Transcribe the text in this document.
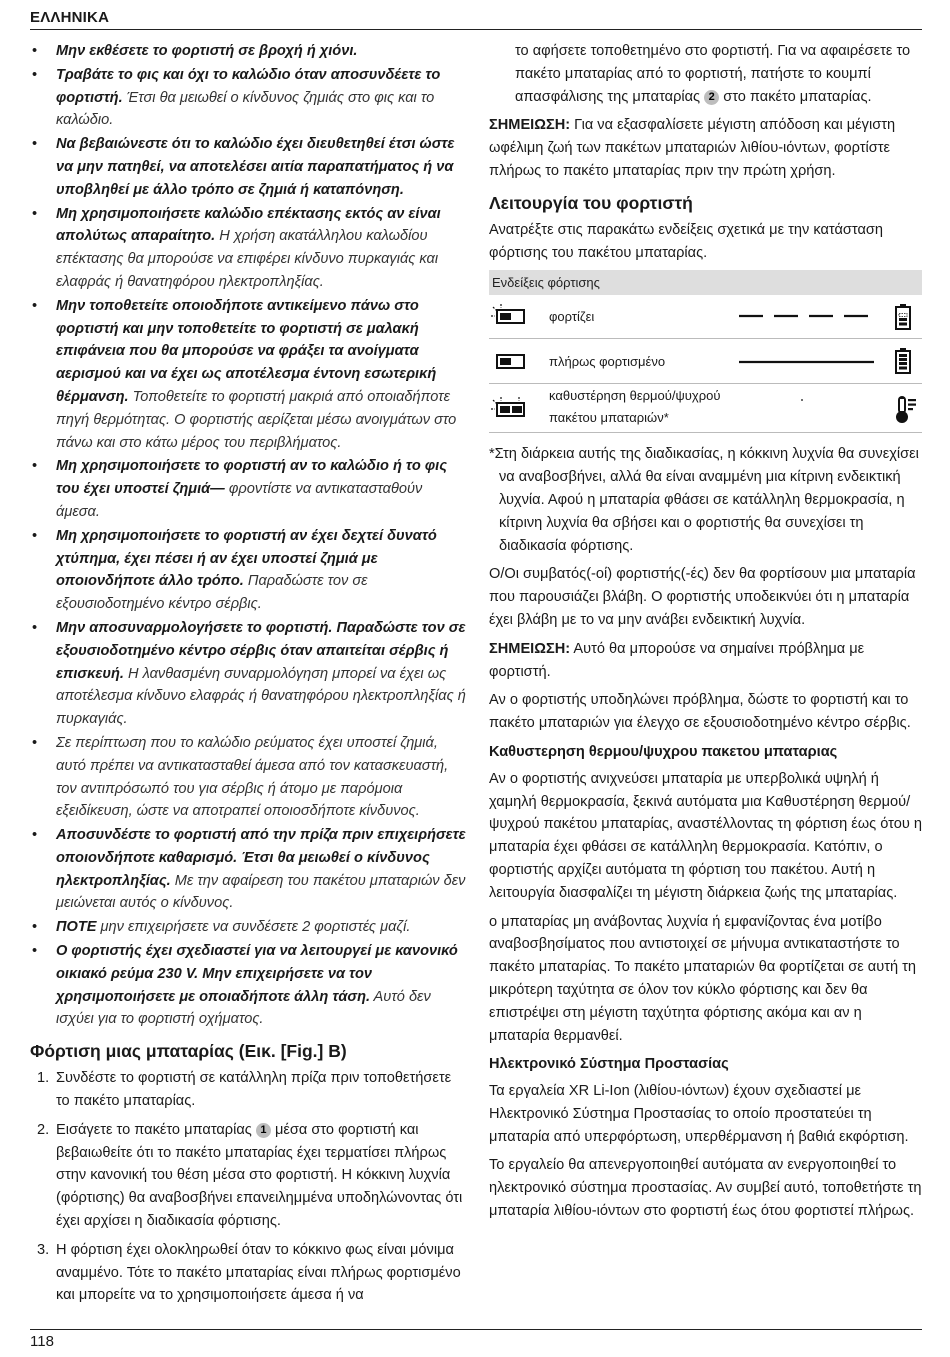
ΕΛΛΗΝΙΚΑ
• Μην εκθέσετε το φορτιστή σε βροχή ή χιόνι.
• Τραβάτε το φις και όχι το καλώδιο όταν αποσυνδέετε το φορτιστή. Έτσι θα μειωθεί ο κίνδυνος ζημιάς στο φις και το καλώδιο.
• Να βεβαιώνεστε ότι το καλώδιο έχει διευθετηθεί έτσι ώστε να μην πατηθεί, να αποτελέσει αιτία παραπατήματος ή να υποβληθεί με άλλο τρόπο σε ζημιά ή καταπόνηση.
• Μη χρησιμοποιήσετε καλώδιο επέκτασης εκτός αν είναι απολύτως απαραίτητο. Η χρήση ακατάλληλου καλωδίου επέκτασης θα μπορούσε να επιφέρει κίνδυνο πυρκαγιάς και ελαφράς ή θανατηφόρου ηλεκτροπληξίας.
• Μην τοποθετείτε οποιοδήποτε αντικείμενο πάνω στο φορτιστή και μην τοποθετείτε το φορτιστή σε μαλακή επιφάνεια που θα μπορούσε να φράξει τα ανοίγματα αερισμού και να έχει ως αποτέλεσμα έντονη εσωτερική θέρμανση. Τοποθετείτε το φορτιστή μακριά από οποιαδήποτε πηγή θερμότητας. Ο φορτιστής αερίζεται μέσω ανοιγμάτων στο πάνω και στο κάτω μέρος του περιβλήματος.
• Μη χρησιμοποιήσετε το φορτιστή αν το καλώδιο ή το φις του έχει υποστεί ζημιά— φροντίστε να αντικατασταθούν άμεσα.
• Μη χρησιμοποιήσετε το φορτιστή αν έχει δεχτεί δυνατό χτύπημα, έχει πέσει ή αν έχει υποστεί ζημιά με οποιονδήποτε άλλο τρόπο. Παραδώστε τον σε εξουσιοδοτημένο κέντρο σέρβις.
• Μην αποσυναρμολογήσετε το φορτιστή. Παραδώστε τον σε εξουσιοδοτημένο κέντρο σέρβις όταν απαιτείται σέρβις ή επισκευή. Η λανθασμένη συναρμολόγηση μπορεί να έχει ως αποτέλεσμα κίνδυνο ελαφράς ή θανατηφόρου ηλεκτροπληξίας ή πυρκαγιάς.
• Σε περίπτωση που το καλώδιο ρεύματος έχει υποστεί ζημιά, αυτό πρέπει να αντικατασταθεί άμεσα από τον κατασκευαστή, τον αντιπρόσωπό του για σέρβις ή άτομο με παρόμοια εξειδίκευση, ώστε να αποτραπεί οποιοσδήποτε κίνδυνος.
• Αποσυνδέστε το φορτιστή από την πρίζα πριν επιχειρήσετε οποιονδήποτε καθαρισμό. Έτσι θα μειωθεί ο κίνδυνος ηλεκτροπληξίας. Με την αφαίρεση του πακέτου μπαταριών δεν μειώνεται αυτός ο κίνδυνος.
• ΠΟΤΕ μην επιχειρήσετε να συνδέσετε 2 φορτιστές μαζί.
• Ο φορτιστής έχει σχεδιαστεί για να λειτουργεί με κανονικό οικιακό ρεύμα 230 V. Μην επιχειρήσετε να τον χρησιμοποιήσετε με οποιαδήποτε άλλη τάση. Αυτό δεν ισχύει για το φορτιστή οχήματος.
Φόρτιση μιας μπαταρίας (Εικ. [Fig.] B)
1. Συνδέστε το φορτιστή σε κατάλληλη πρίζα πριν τοποθετήσετε το πακέτο μπαταρίας.
2. Εισάγετε το πακέτο μπαταρίας 1 μέσα στο φορτιστή και βεβαιωθείτε ότι το πακέτο μπαταρίας έχει τερματίσει πλήρως στην κανονική του θέση μέσα στο φορτιστή. Η κόκκινη λυχνία (φόρτισης) θα αναβοσβήνει επανειλημμένα υποδηλώνοντας ότι έχει αρχίσει η διαδικασία φόρτισης.
3. Η φόρτιση έχει ολοκληρωθεί όταν το κόκκινο φως είναι μόνιμα αναμμένο. Τότε το πακέτο μπαταρίας είναι πλήρως φορτισμένο και μπορείτε να το χρησιμοποιήσετε άμεσα ή να

το αφήσετε τοποθετημένο στο φορτιστή. Για να αφαιρέσετε το πακέτο μπαταρίας από το φορτιστή, πατήστε το κουμπί απασφάλισης της μπαταρίας 2 στο πακέτο μπαταρίας.

ΣΗΜΕΙΩΣΗ: Για να εξασφαλίσετε μέγιστη απόδοση και μέγιστη ωφέλιμη ζωή των πακέτων μπαταριών λιθίου-ιόντων, φορτίστε πλήρως το πακέτο μπαταρίας πριν την πρώτη χρήση.

Λειτουργία του φορτιστή

Ανατρέξτε στις παρακάτω ενδείξεις σχετικά με την κατάσταση φόρτισης του πακέτου μπαταρίας.

Ενδείξεις φόρτισης
φορτίζει
πλήρως φορτισμένο
καθυστέρηση θερμού/ψυχρού πακέτου μπαταριών*

*Στη διάρκεια αυτής της διαδικασίας, η κόκκινη λυχνία θα συνεχίσει να αναβοσβήνει, αλλά θα είναι αναμμένη μια κίτρινη ενδεικτική λυχνία. Αφού η μπαταρία φθάσει σε κατάλληλη θερμοκρασία, η κίτρινη λυχνία θα σβήσει και ο φορτιστής θα συνεχίσει τη διαδικασία φόρτισης.

Ο/Οι συμβατός(-οί) φορτιστής(-ές) δεν θα φορτίσουν μια μπαταρία που παρουσιάζει βλάβη. Ο φορτιστής υποδεικνύει ότι η μπαταρία έχει βλάβη με το να μην ανάβει ενδεικτική λυχνία.

ΣΗΜΕΙΩΣΗ: Αυτό θα μπορούσε να σημαίνει πρόβλημα με φορτιστή.

Αν ο φορτιστής υποδηλώνει πρόβλημα, δώστε το φορτιστή και το πακέτο μπαταριών για έλεγχο σε εξουσιοδοτημένο κέντρο σέρβις.

Καθυστερηση θερμου/ψυχρου πακετου μπαταριας

Αν ο φορτιστής ανιχνεύσει μπαταρία με υπερβολικά υψηλή ή χαμηλή θερμοκρασία, ξεκινά αυτόματα μια Καθυστέρηση θερμού/ψυχρού πακέτου μπαταρίας, αναστέλλοντας τη φόρτιση έως ότου η μπαταρία έχει φθάσει σε κατάλληλη θερμοκρασία. Κατόπιν, ο φορτιστής αρχίζει αυτόματα τη φόρτιση του πακέτου. Αυτή η λειτουργία διασφαλίζει τη μέγιστη διάρκεια ζωής της μπαταρίας.

ο μπαταρίας μη ανάβοντας λυχνία ή εμφανίζοντας ένα μοτίβο αναβοσβησίματος που αντιστοιχεί σε μήνυμα αντικαταστήστε το πακέτο μπαταρίας. Το πακέτο μπαταριών θα φορτίζεται σε αυτή τη μικρότερη ταχύτητα σε όλον τον κύκλο φόρτισης και δεν θα επιστρέψει στη μέγιστη ταχύτητα φόρτισης ακόμα και αν η μπαταρία θερμανθεί.

Ηλεκτρονικό Σύστημα Προστασίας

Τα εργαλεία XR Li-Ion (λιθίου-ιόντων) έχουν σχεδιαστεί με Ηλεκτρονικό Σύστημα Προστασίας το οποίο προστατεύει τη μπαταρία από υπερφόρτωση, υπερθέρμανση ή βαθιά εκφόρτιση.

Το εργαλείο θα απενεργοποιηθεί αυτόματα αν ενεργοποιηθεί το ηλεκτρονικό σύστημα προστασίας. Αν συμβεί αυτό, τοποθετήστε τη μπαταρία λιθίου-ιόντων στο φορτιστή έως ότου φορτιστεί πλήρως.

118
